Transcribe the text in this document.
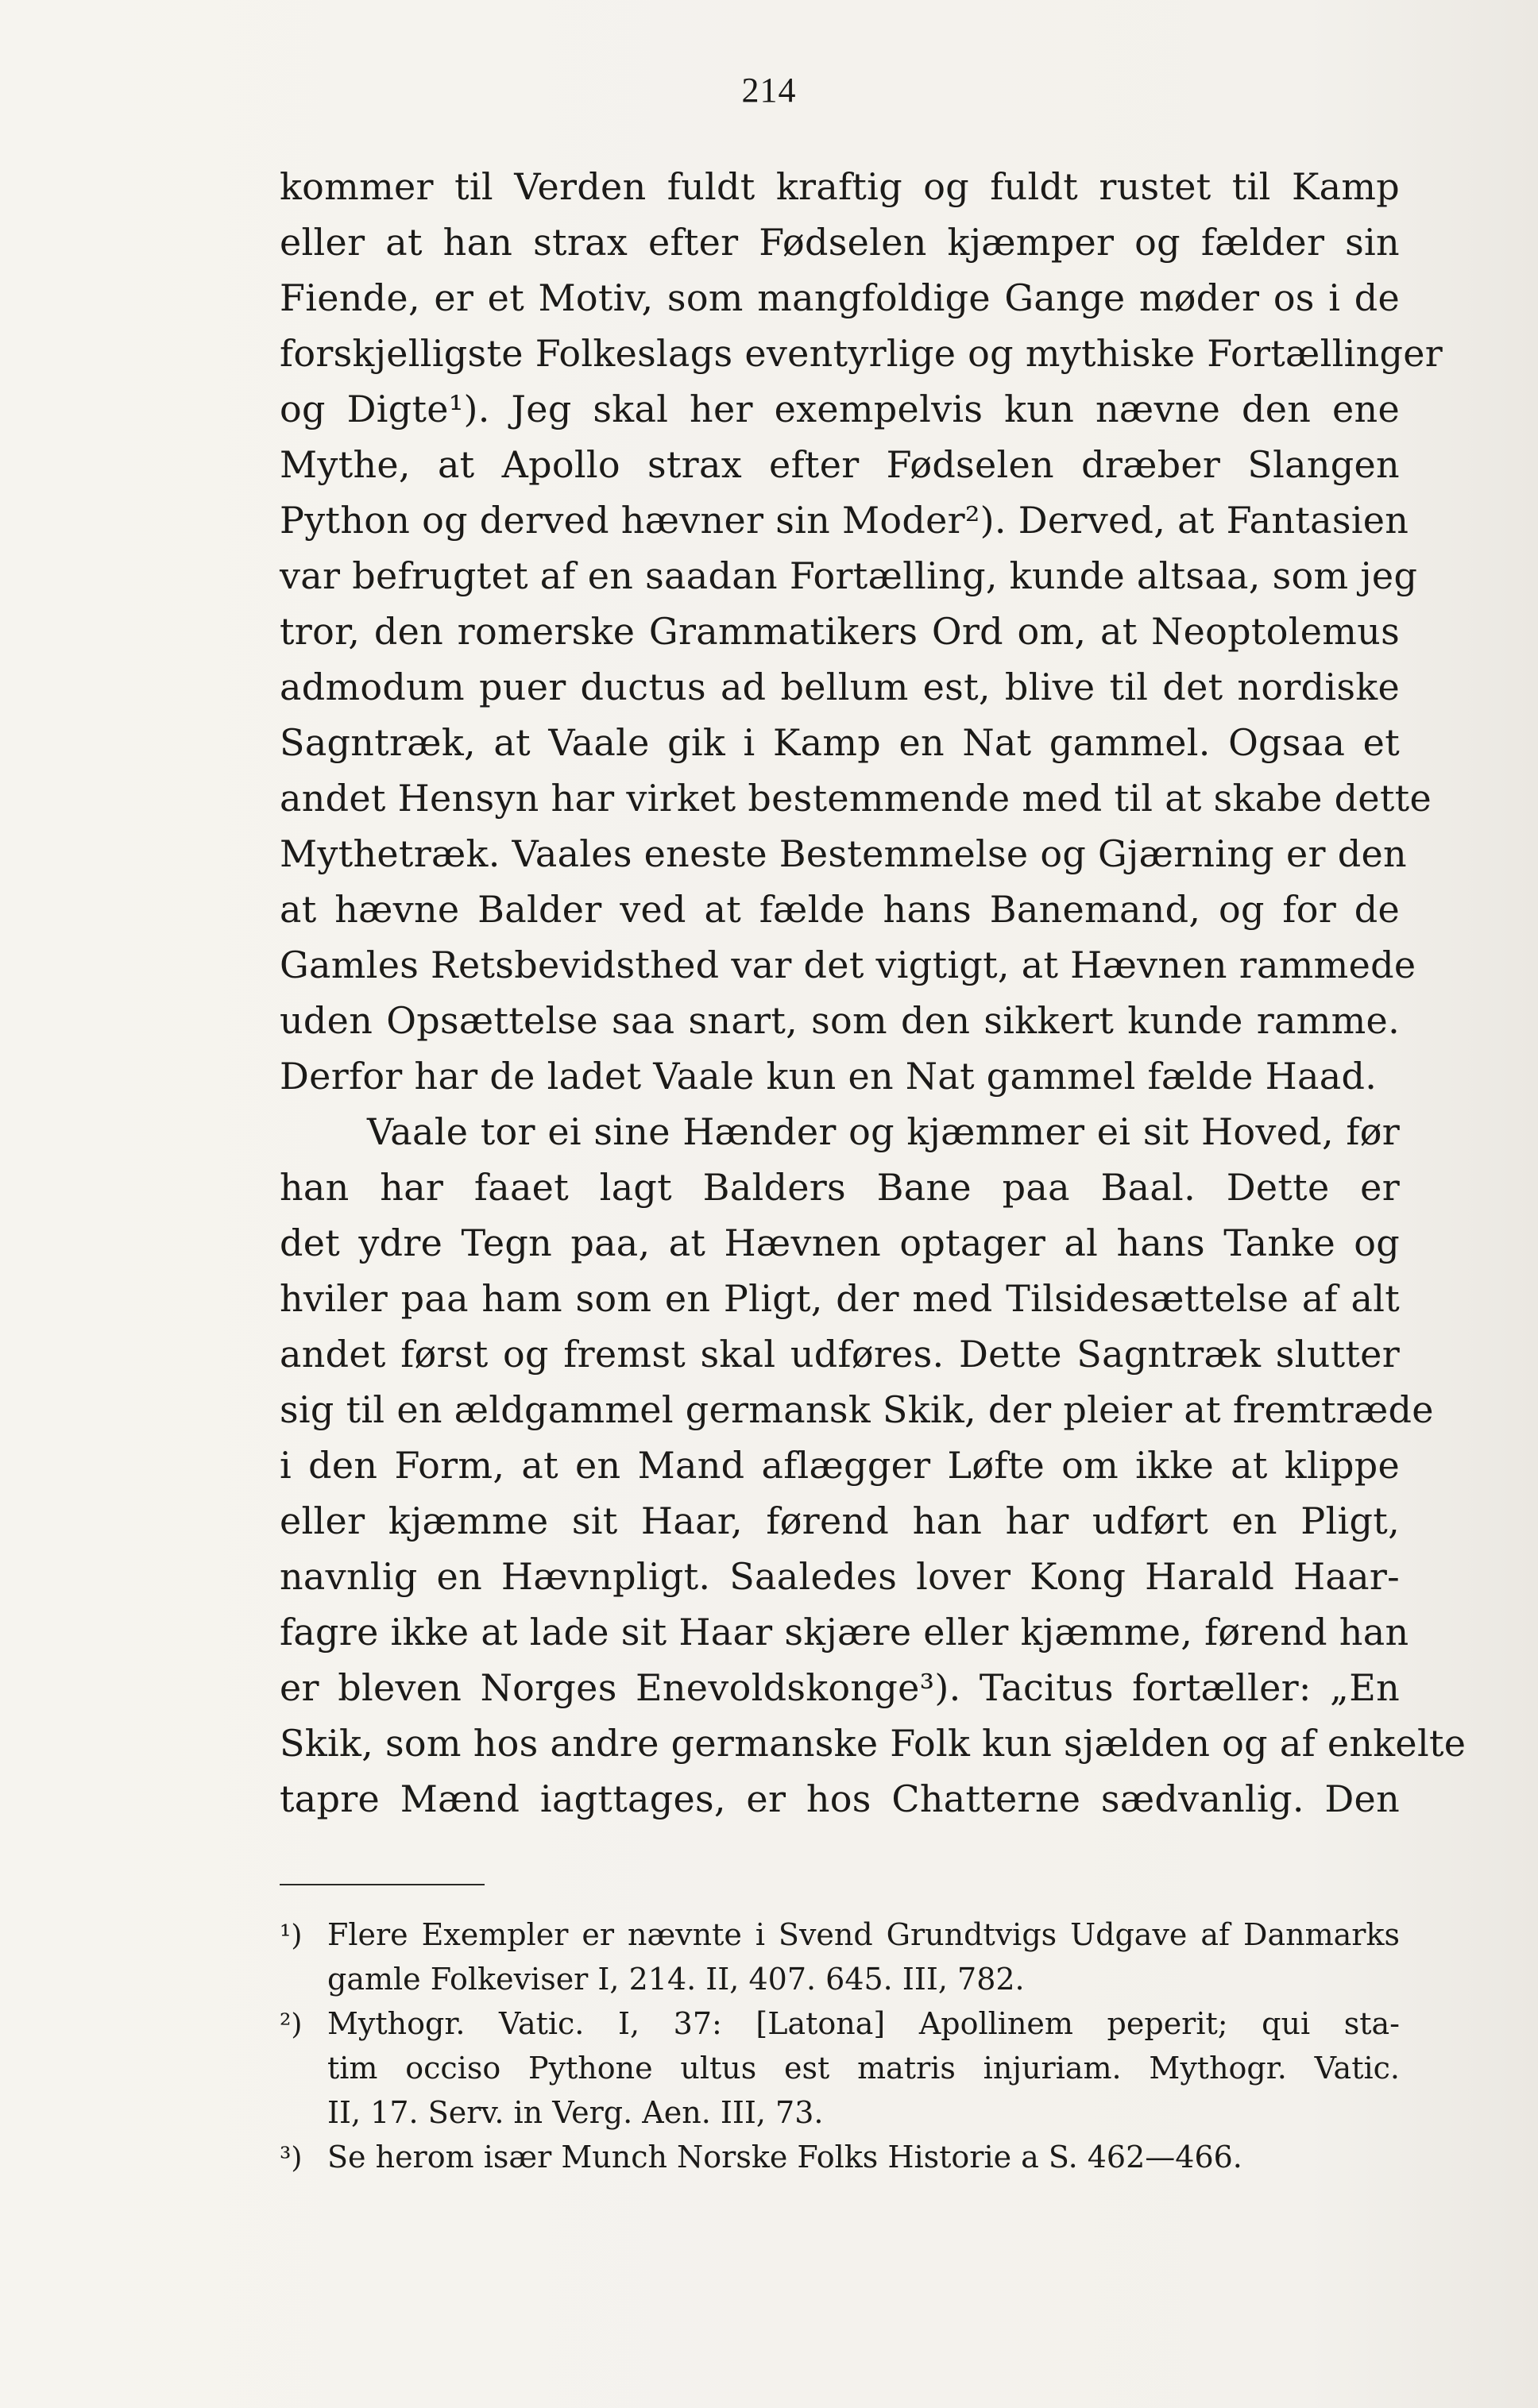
214
kommer til Verden fuldt kraftig og fuldt rustet til Kamp
eller at han strax efter Fødselen kjæmper og fælder sin
Fiende, er et Motiv, som mangfoldige Gange møder os i de
forskjelligste Folkeslags eventyrlige og mythiske Fortællinger
og Digte¹). Jeg skal her exempelvis kun nævne den ene
Mythe, at Apollo strax efter Fødselen dræber Slangen
Python og derved hævner sin Moder²). Derved, at Fantasien
var befrugtet af en saadan Fortælling, kunde altsaa, som jeg
tror, den romerske Grammatikers Ord om, at Neoptolemus
admodum puer ductus ad bellum est, blive til det nordiske
Sagntræk, at Vaale gik i Kamp en Nat gammel. Ogsaa et
andet Hensyn har virket bestemmende med til at skabe dette
Mythetræk. Vaales eneste Bestemmelse og Gjærning er den
at hævne Balder ved at fælde hans Banemand, og for de
Gamles Retsbevidsthed var det vigtigt, at Hævnen rammede
uden Opsættelse saa snart, som den sikkert kunde ramme.
Derfor har de ladet Vaale kun en Nat gammel fælde Haad.
Vaale tor ei sine Hænder og kjæmmer ei sit Hoved, før
han har faaet lagt Balders Bane paa Baal. Dette er
det ydre Tegn paa, at Hævnen optager al hans Tanke og
hviler paa ham som en Pligt, der med Tilsidesættelse af alt
andet først og fremst skal udføres. Dette Sagntræk slutter
sig til en ældgammel germansk Skik, der pleier at fremtræde
i den Form, at en Mand aflægger Løfte om ikke at klippe
eller kjæmme sit Haar, førend han har udført en Pligt,
navnlig en Hævnpligt. Saaledes lover Kong Harald Haar-
fagre ikke at lade sit Haar skjære eller kjæmme, førend han
er bleven Norges Enevoldskonge³). Tacitus fortæller: „En
Skik, som hos andre germanske Folk kun sjælden og af enkelte
tapre Mænd iagttages, er hos Chatterne sædvanlig. Den
¹) Flere Exempler er nævnte i Svend Grundtvigs Udgave af Danmarks
gamle Folkeviser I, 214. II, 407. 645. III, 782.
²) Mythogr. Vatic. I, 37: [Latona] Apollinem peperit; qui sta-
tim occiso Pythone ultus est matris injuriam. Mythogr. Vatic.
II, 17. Serv. in Verg. Aen. III, 73.
³) Se herom især Munch Norske Folks Historie a S. 462—466.
